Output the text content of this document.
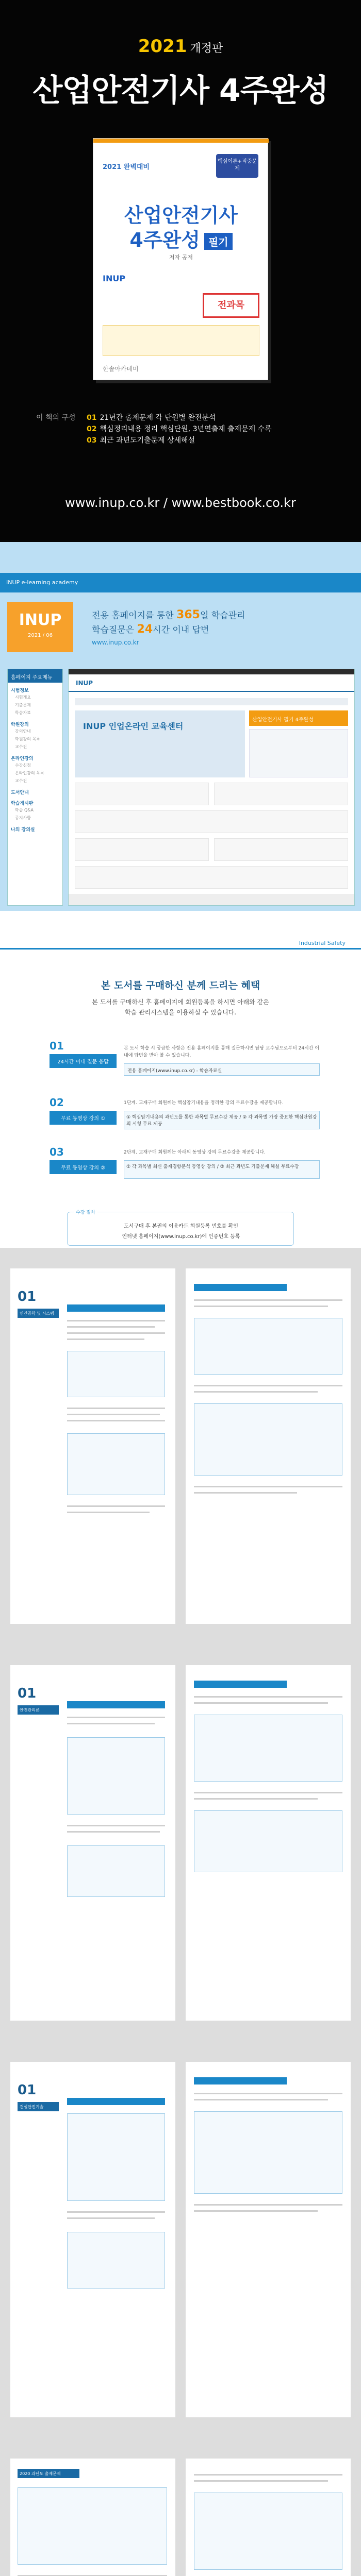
2021 개정판
산업안전기사 4주완성
2021 완벽대비
핵심이론+적중문제
산업안전기사
4주완성 필기
저자 공저
INUP
전과목
한솔아카데미
이 책의 구성 01 21년간 출제문제 각 단원별 완전분석
02 핵심정리내용 정리 핵심단원, 3년연출제 출제문제 수록
03 최근 과년도기출문제 상세해설
www.inup.co.kr / www.bestbook.co.kr
INUP e-learning academy
INUP
2021 / 06
전용 홈페이지를 통한 365일 학습관리
학습질문은 24시간 이내 답변
www.inup.co.kr
홈페이지 주요메뉴
시험정보
시험개요
기출문제
학습자료
학원강의
강의안내
학원강의 목록
교수진
온라인강의
수강신청
온라인강의 목록
교수진
도서안내
학습게시판
학습 Q&A
공지사항
나의 강의실
INUP
INUP 인업온라인 교육센터
산업안전기사 필기 4주완성
Industrial Safety
본 도서를 구매하신 분께 드리는 혜택
본 도서를 구매하신 후 홈페이지에 회원등록을 하시면 아래와 같은
학습 관리시스템을 이용하실 수 있습니다.
01
24시간 이내 질문 응답
본 도서 학습 시 궁금한 사항은 전용 홈페이지를 통해 질문하시면 담당 교수님으로부터 24시간 이내에 답변을 받아 볼 수 있습니다.
전용 홈페이지(www.inup.co.kr) - 학습자료실
02
무료 동영상 강의 ①
1단계. 교재구매 회원께는 핵심암기내용을 정리한 강의 무료수강을 제공합니다.
① 핵심암기내용의 과년도를 통한 과목별 무료수강 제공 / ② 각 과목별 가장 중요한 핵심단원강의 시청 무료 제공
03
무료 동영상 강의 ②
2단계. 교재구매 회원께는 아래의 동영상 강의 무료수강을 제공합니다.
① 각 과목별 최신 출제경향분석 동영상 강의 / ② 최근 과년도 기출문제 해설 무료수강
수강 절차
도서구매 후 본권의 이용카드 회원등록 번호를 확인
인터넷 홈페이지(www.inup.co.kr)에 인증번호 등록
01
인간공학 및 시스템
01
안전관리론
01
건설안전기술
2020 과년도 출제문제
